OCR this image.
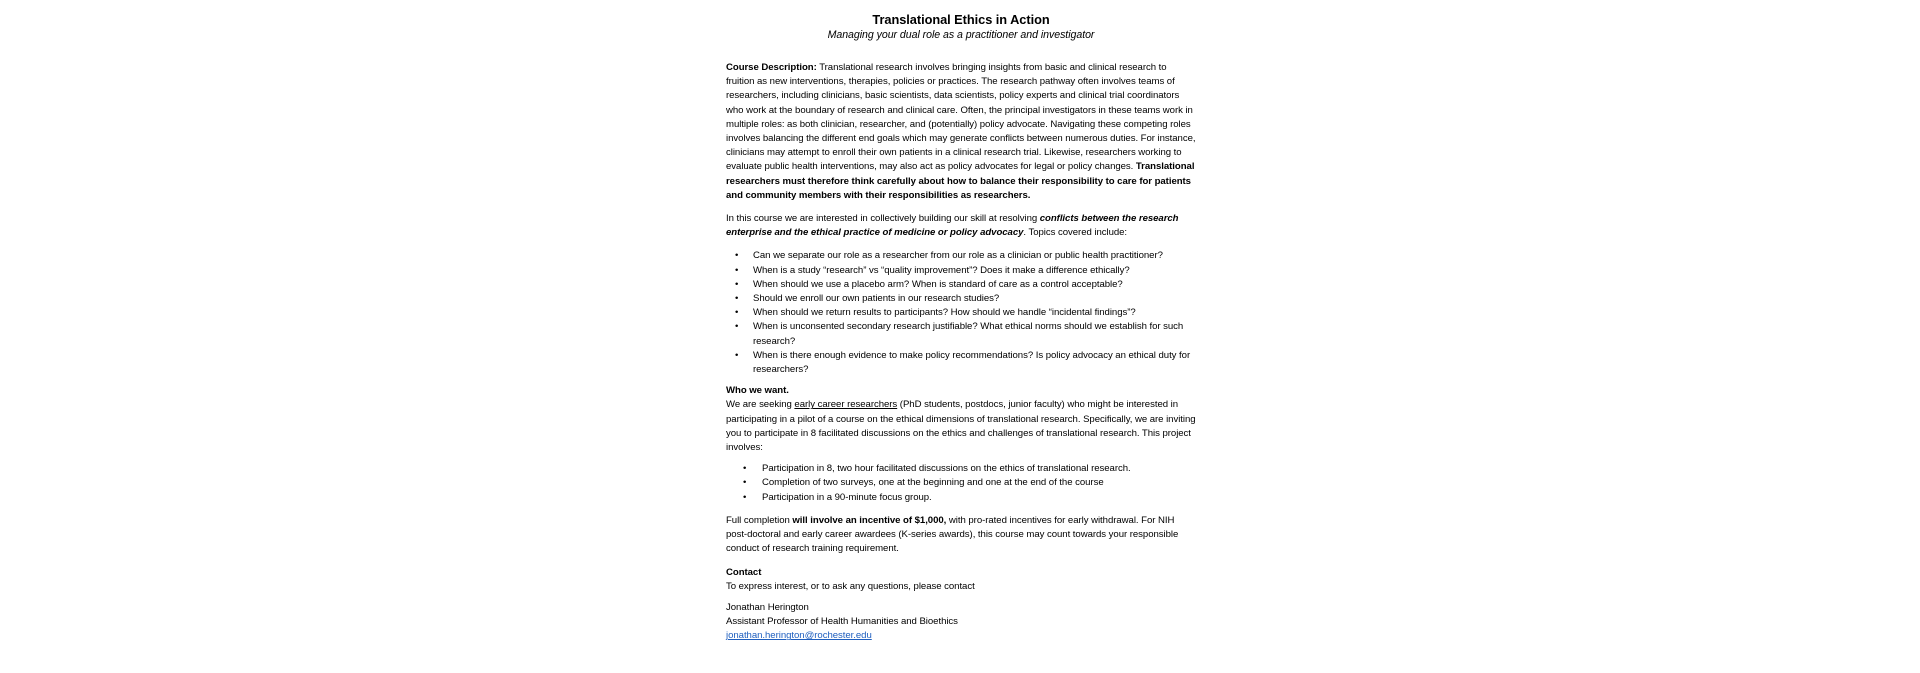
Translational Ethics in Action

Managing your dual role as a practitioner and investigator

Course Description: Translational research involves bringing insights from basic and clinical research to fruition as new interventions, therapies, policies or practices. The research pathway often involves teams of researchers, including clinicians, basic scientists, data scientists, policy experts and clinical trial coordinators who work at the boundary of research and clinical care. Often, the principal investigators in these teams work in multiple roles: as both clinician, researcher, and (potentially) policy advocate. Navigating these competing roles involves balancing the different end goals which may generate conflicts between numerous duties. For instance, clinicians may attempt to enroll their own patients in a clinical research trial. Likewise, researchers working to evaluate public health interventions, may also act as policy advocates for legal or policy changes. Translational researchers must therefore think carefully about how to balance their responsibility to care for patients and community members with their responsibilities as researchers.

In this course we are interested in collectively building our skill at resolving conflicts between the research enterprise and the ethical practice of medicine or policy advocacy. Topics covered include:

• Can we separate our role as a researcher from our role as a clinician or public health practitioner?
• When is a study “research” vs “quality improvement”? Does it make a difference ethically?
• When should we use a placebo arm? When is standard of care as a control acceptable?
• Should we enroll our own patients in our research studies?
• When should we return results to participants? How should we handle “incidental findings”?
• When is unconsented secondary research justifiable? What ethical norms should we establish for such research?
• When is there enough evidence to make policy recommendations? Is policy advocacy an ethical duty for researchers?
Who we want.
We are seeking early career researchers (PhD students, postdocs, junior faculty) who might be interested in participating in a pilot of a course on the ethical dimensions of translational research. Specifically, we are inviting you to participate in 8 facilitated discussions on the ethics and challenges of translational research. This project involves:
• Participation in 8, two hour facilitated discussions on the ethics of translational research.
• Completion of two surveys, one at the beginning and one at the end of the course
• Participation in a 90-minute focus group.

Full completion will involve an incentive of $1,000, with pro-rated incentives for early withdrawal. For NIH post-doctoral and early career awardees (K-series awards), this course may count towards your responsible conduct of research training requirement.

Contact
To express interest, or to ask any questions, please contact
Jonathan Herington
Assistant Professor of Health Humanities and Bioethics
jonathan.herington@rochester.edu
